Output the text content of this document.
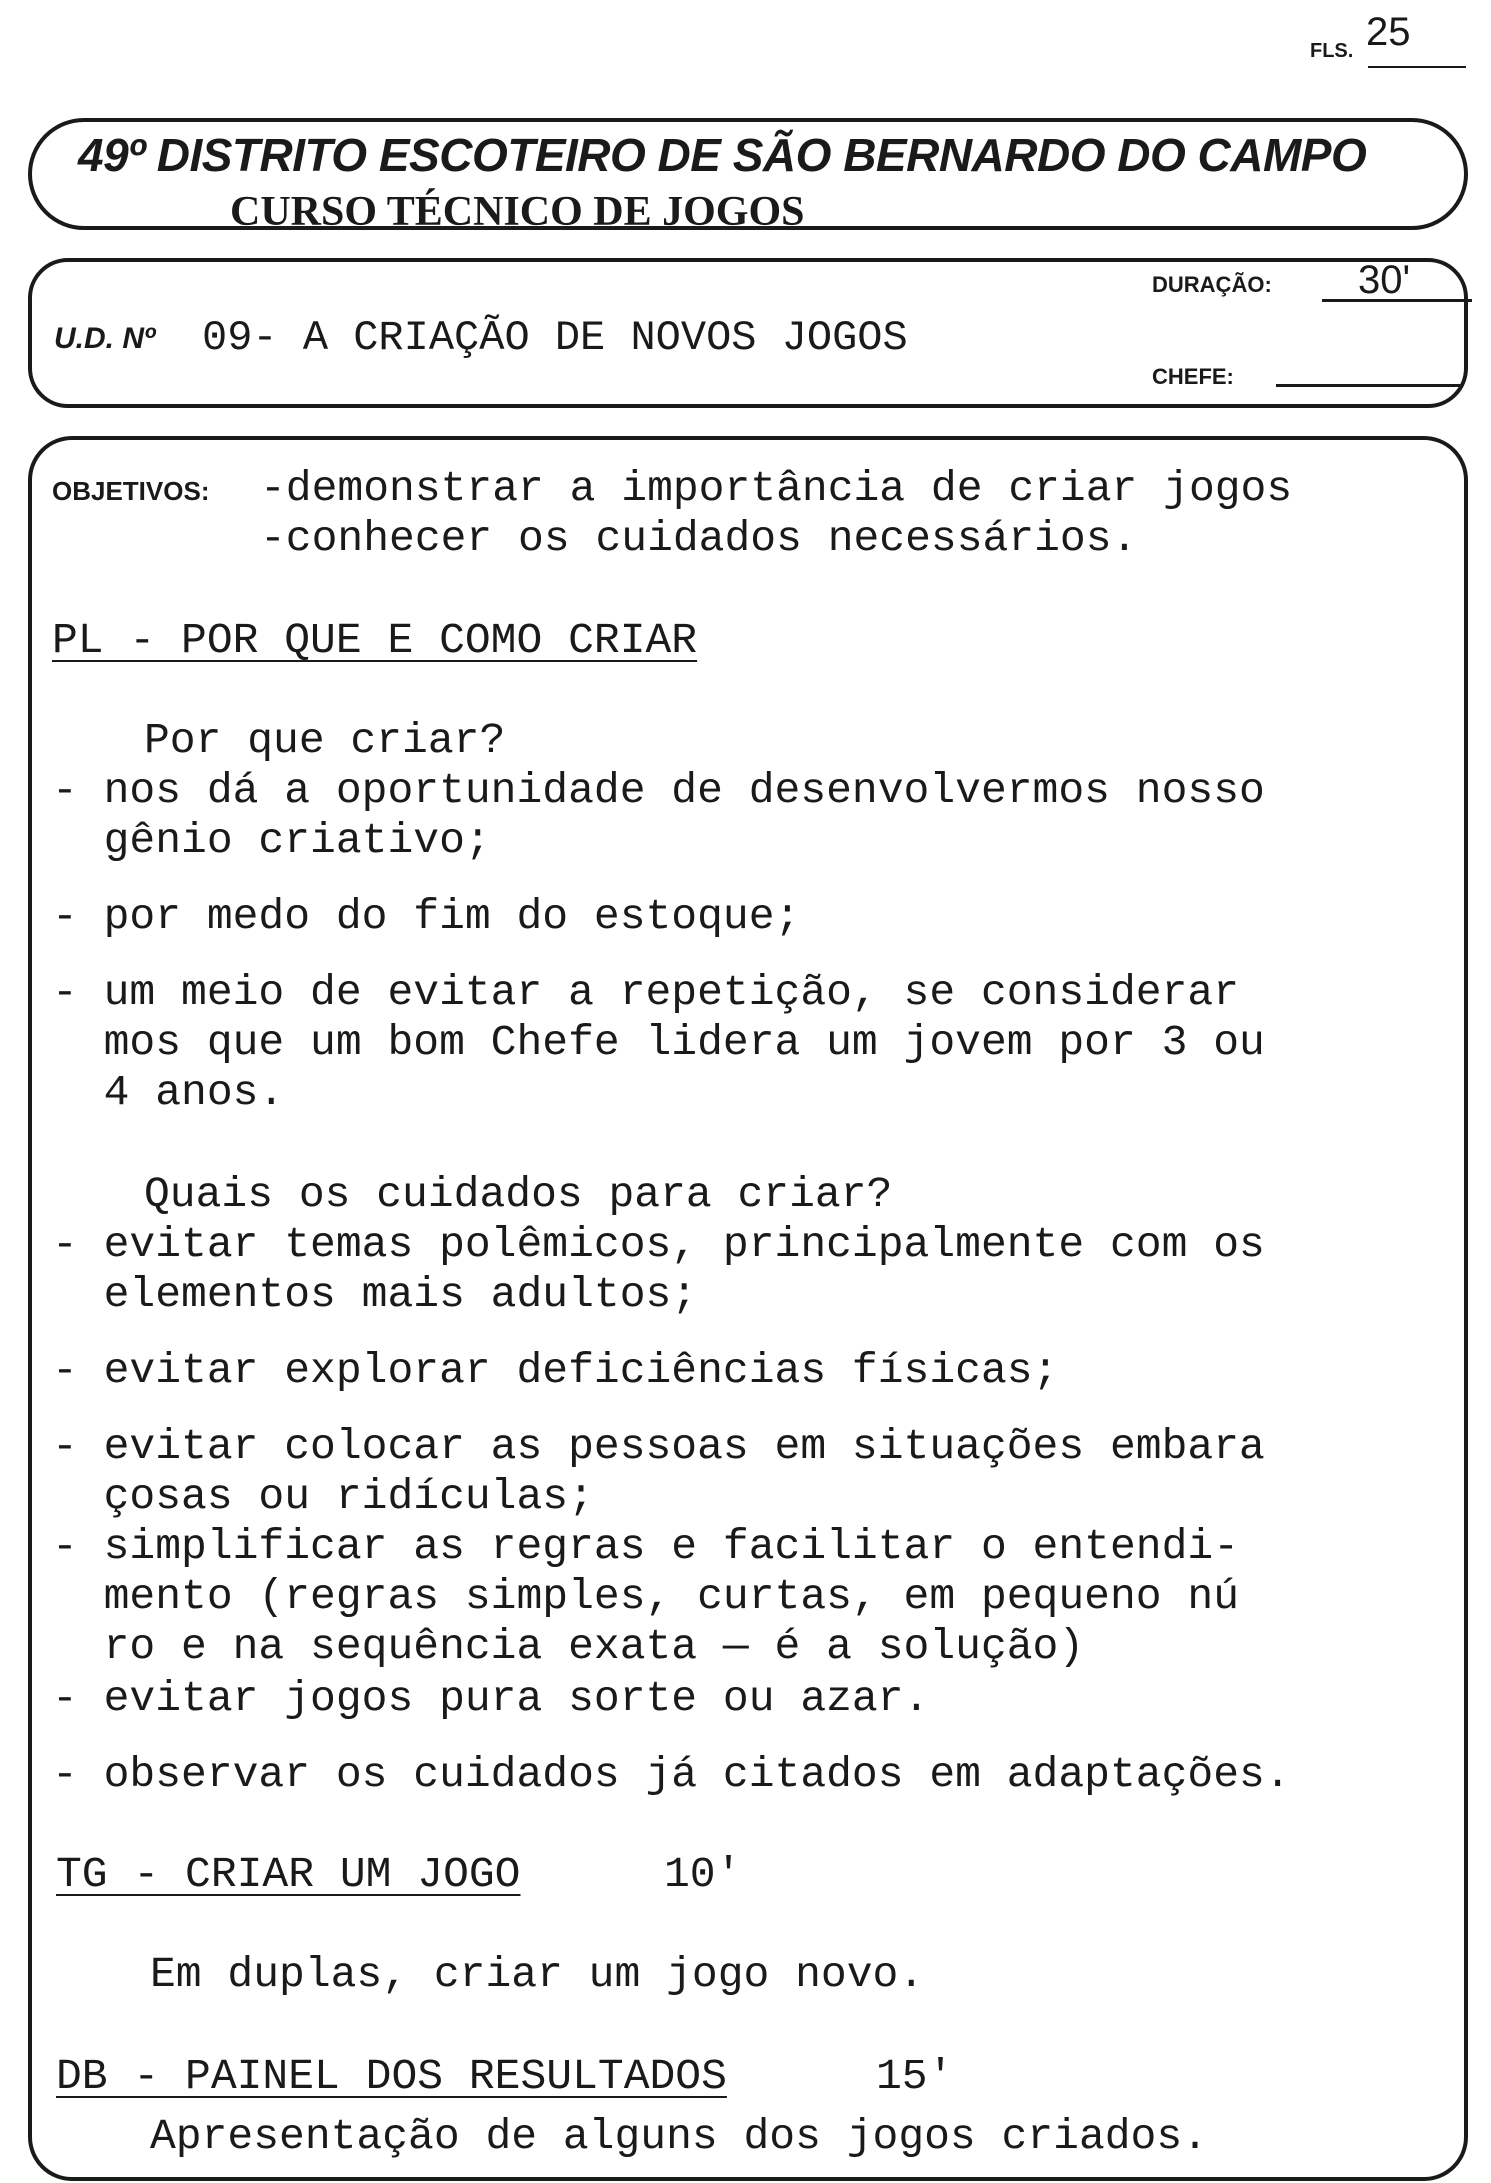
FLS. 25
49º DISTRITO ESCOTEIRO DE SÃO BERNARDO DO CAMPO
CURSO TÉCNICO DE JOGOS
U.D. Nº 09- A CRIAÇÃO DE NOVOS JOGOS
DURAÇÃO:	30'
CHEFE:
OBJETIVOS: -demonstrar a importância de criar jogos
-conhecer os cuidados necessários.
PL - POR QUE E COMO CRIAR
Por que criar?
- nos dá a oportunidade de desenvolvermos nosso
gênio criativo;
- por medo do fim do estoque;
- um meio de evitar a repetição, se considerar
mos que um bom Chefe lidera um jovem por 3 ou
4 anos.
Quais os cuidados para criar?
- evitar temas polêmicos, principalmente com os
elementos mais adultos;
- evitar explorar deficiências físicas;
- evitar colocar as pessoas em situações embara
çosas ou ridículas;
- simplificar as regras e facilitar o entendi-
mento (regras simples, curtas, em pequeno nú
ro e na sequência exata — é a solução)
- evitar jogos pura sorte ou azar.
- observar os cuidados já citados em adaptações.
TG - CRIAR UM JOGO	10'
Em duplas, criar um jogo novo.
DB - PAINEL DOS RESULTADOS	15'
Apresentação de alguns dos jogos criados.
